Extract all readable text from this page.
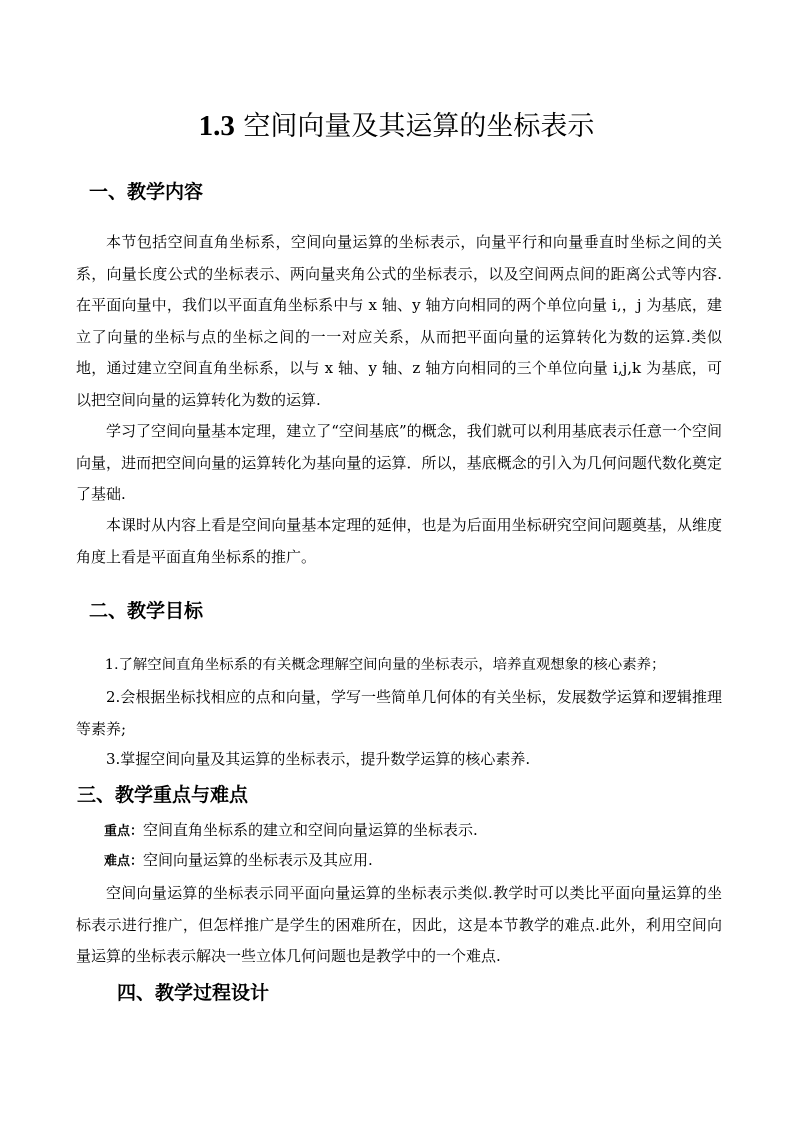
1.3 空间向量及其运算的坐标表示
一、教学内容

本节包括空间直角坐标系，空间向量运算的坐标表示，向量平行和向量垂直时坐标之间的关系，向量长度公式的坐标表示、两向量夹角公式的坐标表示，以及空间两点间的距离公式等内容.在平面向量中，我们以平面直角坐标系中与 x 轴、y 轴方向相同的两个单位向量 i,，j 为基底，建立了向量的坐标与点的坐标之间的一一对应关系，从而把平面向量的运算转化为数的运算.类似地，通过建立空间直角坐标系，以与 x 轴、y 轴、z 轴方向相同的三个单位向量 i,j,k 为基底，可以把空间向量的运算转化为数的运算.

学习了空间向量基本定理，建立了“空间基底”的概念，我们就可以利用基底表示任意一个空间向量，进而把空间向量的运算转化为基向量的运算．所以，基底概念的引入为几何问题代数化奠定了基础.

本课时从内容上看是空间向量基本定理的延伸，也是为后面用坐标研究空间问题奠基，从维度角度上看是平面直角坐标系的推广。

二、教学目标

1.了解空间直角坐标系的有关概念理解空间向量的坐标表示，培养直观想象的核心素养；

2.会根据坐标找相应的点和向量，学写一些简单几何体的有关坐标，发展数学运算和逻辑推理等素养;

3.掌握空间向量及其运算的坐标表示，提升数学运算的核心素养.

三、教学重点与难点

重点：空间直角坐标系的建立和空间向量运算的坐标表示.

难点：空间向量运算的坐标表示及其应用.

空间向量运算的坐标表示同平面向量运算的坐标表示类似.教学时可以类比平面向量运算的坐标表示进行推广，但怎样推广是学生的困难所在，因此，这是本节教学的难点.此外，利用空间向量运算的坐标表示解决一些立体几何问题也是教学中的一个难点.

四、教学过程设计
